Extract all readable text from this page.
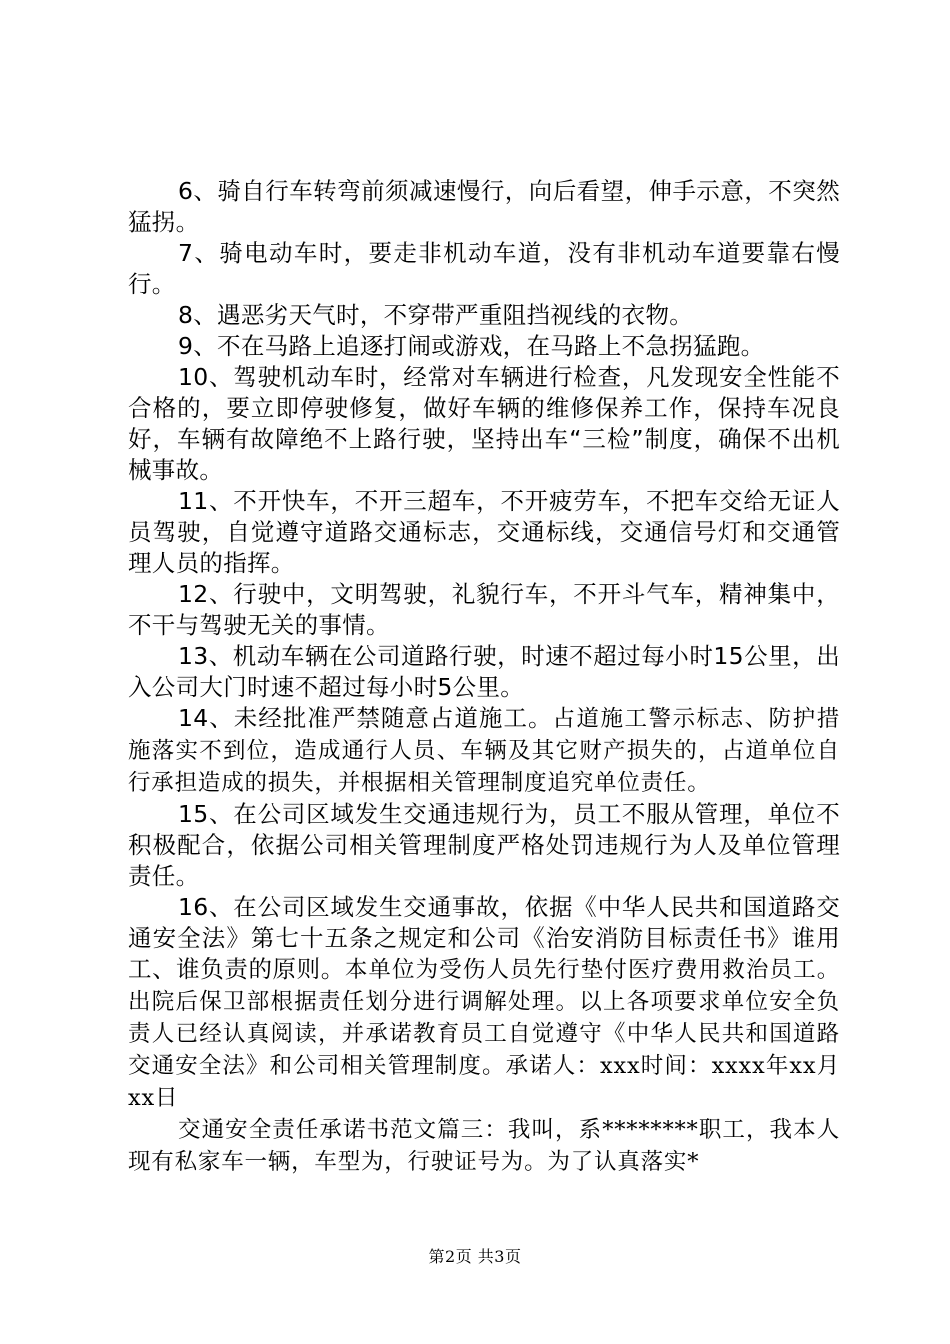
6、骑自行车转弯前须减速慢行，向后看望，伸手示意，不突然猛拐。

7、骑电动车时，要走非机动车道，没有非机动车道要靠右慢行。

8、遇恶劣天气时，不穿带严重阻挡视线的衣物。

9、不在马路上追逐打闹或游戏，在马路上不急拐猛跑。

10、驾驶机动车时，经常对车辆进行检查，凡发现安全性能不合格的，要立即停驶修复，做好车辆的维修保养工作，保持车况良好，车辆有故障绝不上路行驶，坚持出车“三检”制度，确保不出机械事故。

11、不开快车，不开三超车，不开疲劳车，不把车交给无证人员驾驶，自觉遵守道路交通标志，交通标线，交通信号灯和交通管理人员的指挥。

12、行驶中，文明驾驶，礼貌行车，不开斗气车，精神集中，不干与驾驶无关的事情。

13、机动车辆在公司道路行驶，时速不超过每小时15公里，出入公司大门时速不超过每小时5公里。

14、未经批准严禁随意占道施工。占道施工警示标志、防护措施落实不到位，造成通行人员、车辆及其它财产损失的，占道单位自行承担造成的损失，并根据相关管理制度追究单位责任。

15、在公司区域发生交通违规行为，员工不服从管理，单位不积极配合，依据公司相关管理制度严格处罚违规行为人及单位管理责任。

16、在公司区域发生交通事故，依据《中华人民共和国道路交通安全法》第七十五条之规定和公司《治安消防目标责任书》谁用工、谁负责的原则。本单位为受伤人员先行垫付医疗费用救治员工。出院后保卫部根据责任划分进行调解处理。以上各项要求单位安全负责人已经认真阅读，并承诺教育员工自觉遵守《中华人民共和国道路交通安全法》和公司相关管理制度。承诺人：xxx时间：xxxx年xx月xx日

交通安全责任承诺书范文篇三：我叫，系********职工，我本人现有私家车一辆，车型为，行驶证号为。为了认真落实*

第2页 共3页
